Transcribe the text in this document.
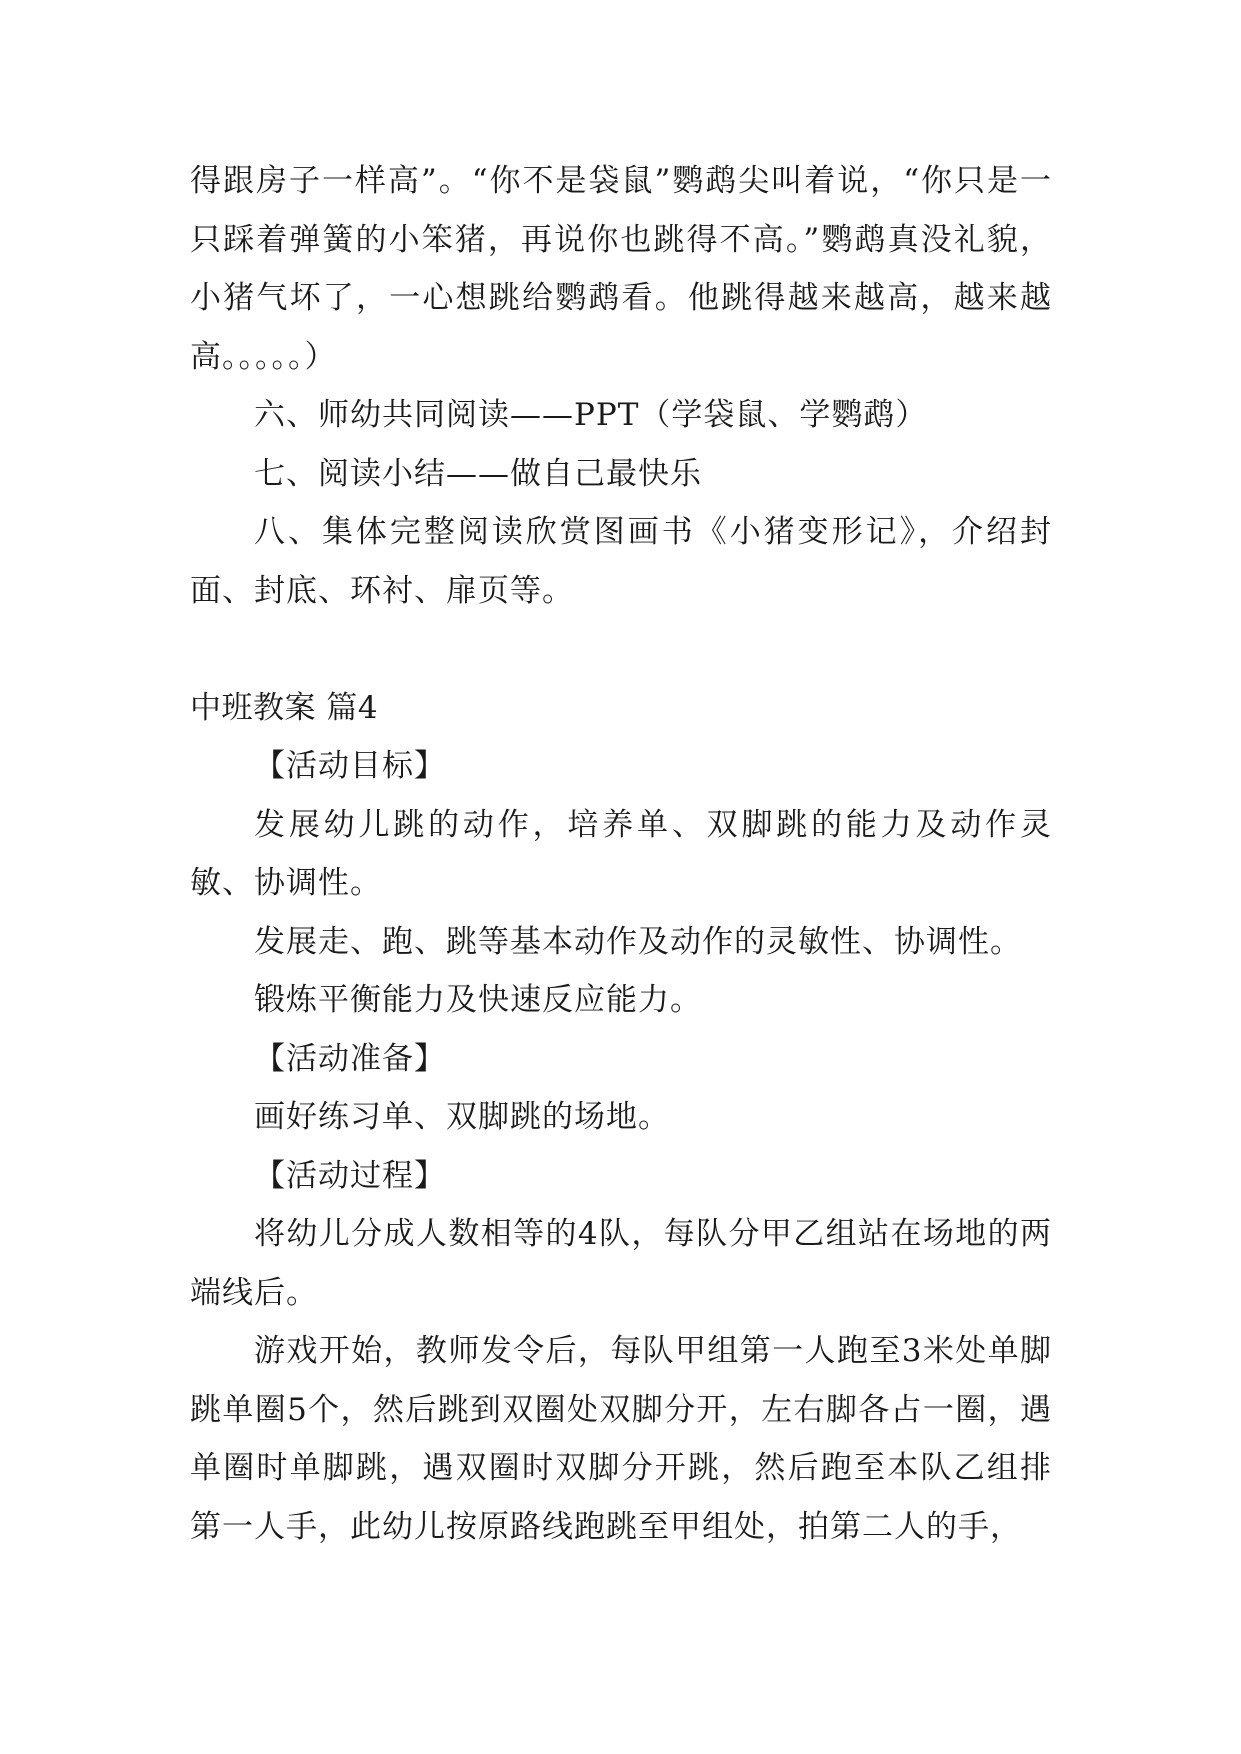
得跟房子一样高”。“你不是袋鼠”鹦鹉尖叫着说，“你只是一只踩着弹簧的小笨猪，再说你也跳得不高。”鹦鹉真没礼貌，小猪气坏了，一心想跳给鹦鹉看。他跳得越来越高，越来越高。。。。。）

六、师幼共同阅读——PPT（学袋鼠、学鹦鹉）

七、阅读小结——做自己最快乐

八、集体完整阅读欣赏图画书《小猪变形记》，介绍封面、封底、环衬、扉页等。

中班教案 篇4

【活动目标】

发展幼儿跳的动作，培养单、双脚跳的能力及动作灵敏、协调性。

发展走、跑、跳等基本动作及动作的灵敏性、协调性。

锻炼平衡能力及快速反应能力。

【活动准备】

画好练习单、双脚跳的场地。

【活动过程】

将幼儿分成人数相等的4队，每队分甲乙组站在场地的两端线后。

游戏开始，教师发令后，每队甲组第一人跑至3米处单脚跳单圈5个，然后跳到双圈处双脚分开，左右脚各占一圈，遇单圈时单脚跳，遇双圈时双脚分开跳，然后跑至本队乙组排第一人手，此幼儿按原路线跑跳至甲组处，拍第二人的手，
